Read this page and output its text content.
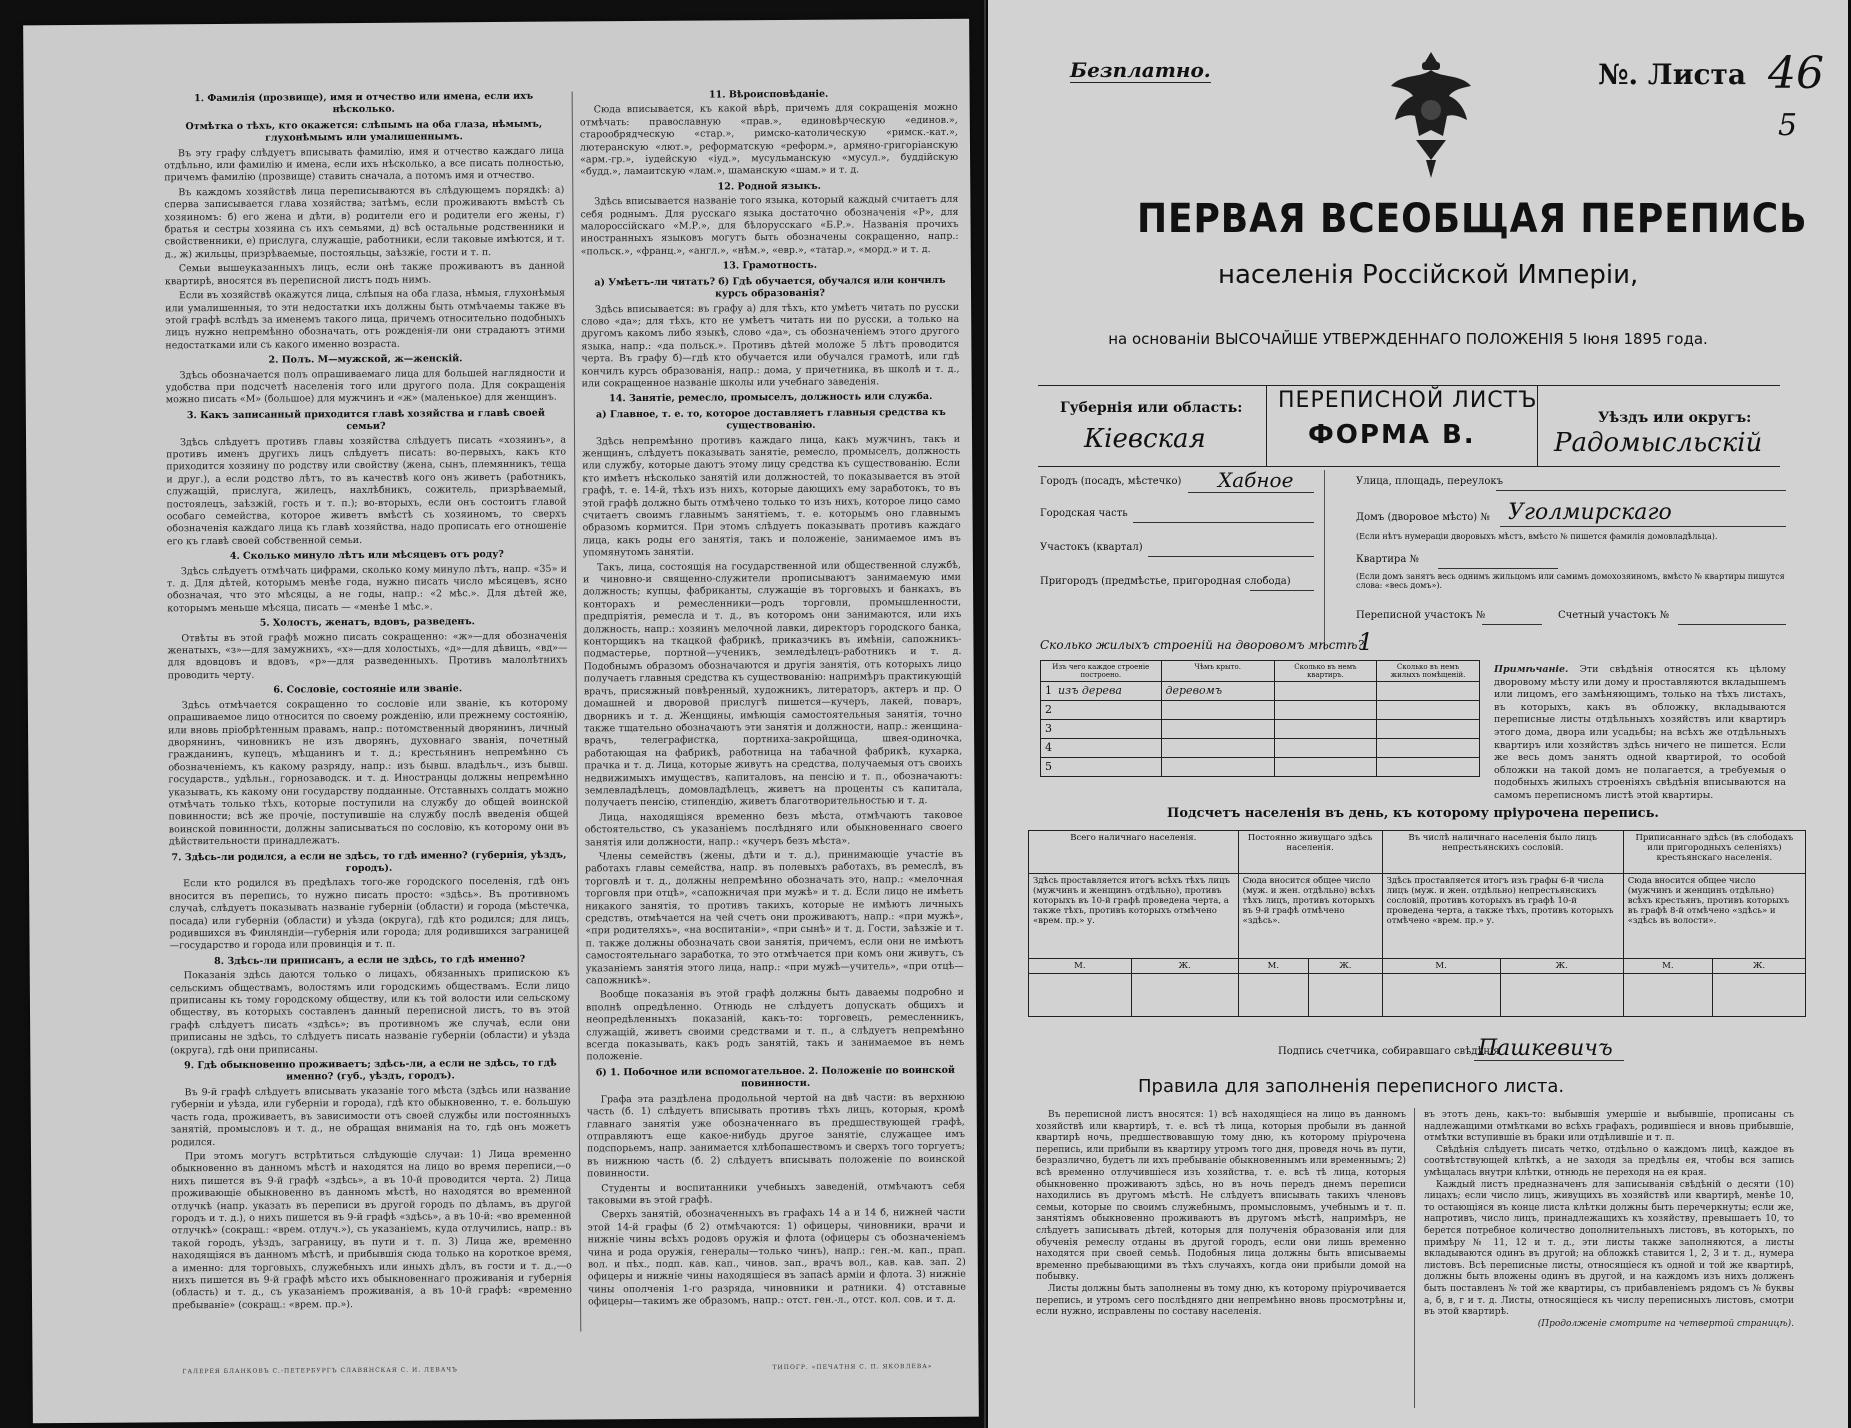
1. Фамилія (прозвище), имя и отчество или имена, если ихъ нѣсколько.
Отмѣтка о тѣхъ, кто окажется: слѣпымъ на оба глаза, нѣмымъ, глухонѣмымъ или умалишеннымъ.

Въ эту графу слѣдуетъ вписывать фамилію, имя и отчество каждаго лица отдѣльно, или фамилію и имена, если ихъ нѣсколько, а все писать полностью, причемъ фамилію (прозвище) ставить сначала, а потомъ имя и отчество.

Въ каждомъ хозяйствѣ лица переписываются въ слѣдующемъ порядкѣ: а) сперва записывается глава хозяйства; затѣмъ, если проживаютъ вмѣстѣ съ хозяиномъ: б) его жена и дѣти, в) родители его и родители его жены, г) братья и сестры хозяина съ ихъ семьями, д) всѣ остальные родственники и свойственники, е) прислуга, служащіе, работники, если таковые имѣются, и т. д., ж) жильцы, призрѣваемые, постояльцы, заѣзжіе, гости и т. п.

Семьи вышеуказанныхъ лицъ, если онѣ также проживаютъ въ данной квартирѣ, вносятся въ переписной листъ подъ нимъ.

Если въ хозяйствѣ окажутся лица, слѣпыя на оба глаза, нѣмыя, глухонѣмыя или умалишенныя, то эти недостатки ихъ должны быть отмѣчаемы также въ этой графѣ вслѣдъ за именемъ такого лица, причемъ относительно подобныхъ лицъ нужно непремѣнно обозначать, отъ рожденія-ли они страдаютъ этими недостатками или съ какого именно возраста.

2. Полъ. М—мужской, ж—женскій.

Здѣсь обозначается полъ опрашиваемаго лица для большей наглядности и удобства при подсчетѣ населенія того или другого пола. Для сокращенія можно писать «М» (большое) для мужчинъ и «ж» (маленькое) для женщинъ.

3. Какъ записанный приходится главѣ хозяйства и главѣ своей семьи?

Здѣсь слѣдуетъ противъ главы хозяйства слѣдуетъ писать «хозяинъ», а противъ именъ другихъ лицъ слѣдуетъ писать: во-первыхъ, какъ кто приходится хозяину по родству или свойству (жена, сынъ, племянникъ, теща и друг.), а если родство лѣтъ, то въ качествѣ кого онъ живетъ (работникъ, служащій, прислуга, жилецъ, нахлѣбникъ, сожитель, призрѣваемый, постоялецъ, заѣзжій, гость и т. п.); во-вторыхъ, если онъ состоитъ главой особаго семейства, которое живетъ вмѣстѣ съ хозяиномъ, то сверхъ обозначенія каждаго лица къ главѣ хозяйства, надо прописать его отношеніе его къ главѣ своей собственной семьи.

4. Сколько минуло лѣтъ или мѣсяцевъ отъ роду?

Здѣсь слѣдуетъ отмѣчать цифрами, сколько кому минуло лѣтъ, напр. «35» и т. д. Для дѣтей, которымъ менѣе года, нужно писать число мѣсяцевъ, ясно обозначая, что это мѣсяцы, а не годы, напр.: «2 мѣс.». Для дѣтей же, которымъ меньше мѣсяца, писать — «менѣе 1 мѣс.».

5. Холостъ, женатъ, вдовъ, разведенъ.

Отвѣты въ этой графѣ можно писать сокращенно: «ж»—для обозначенія женатыхъ, «з»—для замужнихъ, «х»—для холостыхъ, «д»—для дѣвицъ, «вд»—для вдовцовъ и вдовъ, «р»—для разведенныхъ. Противъ малолѣтнихъ проводить черту.

6. Сословіе, состояніе или званіе.

Здѣсь отмѣчается сокращенно то сословіе или званіе, къ которому опрашиваемое лицо относится по своему рожденію, или прежнему состоянію, или вновь пріобрѣтенным правамъ, напр.: потомственный дворянинъ, личный дворянинъ, чиновникъ не изъ дворянъ, духовнаго званія, почетный гражданинъ, купецъ, мѣщанинъ и т. д.; крестьянинъ непремѣнно съ обозначеніемъ, къ какому разряду, напр.: изъ бывш. владѣльч., изъ бывш. государств., удѣльн., горнозаводск. и т. д. Иностранцы должны непремѣнно указывать, къ какому они государству подданные. Отставныхъ солдатъ можно отмѣчать только тѣхъ, которые поступили на службу до общей воинской повинности; всѣ же прочіе, поступившіе на службу послѣ введенія общей воинской повинности, должны записываться по сословію, къ которому они въ дѣйствительности принадлежатъ.

7. Здѣсь-ли родился, а если не здѣсь, то гдѣ именно? (губернія, уѣздъ, городъ).

Если кто родился въ предѣлахъ того-же городского поселенія, гдѣ онъ вносится въ перепись, то нужно писать просто: «здѣсь». Въ противномъ случаѣ, слѣдуетъ показывать названіе губерніи (области) и города (мѣстечка, посада) или губерніи (области) и уѣзда (округа), гдѣ кто родился; для лицъ, родившихся въ Финляндіи—губернія или города; для родившихся заграницей—государство и города или провинція и т. п.

8. Здѣсь-ли приписанъ, а если не здѣсь, то гдѣ именно?

Показанія здѣсь даются только о лицахъ, обязанныхъ припискою къ сельскимъ обществамъ, волостямъ или городскимъ обществамъ. Если лицо приписаны къ тому городскому обществу, или къ той волости или сельскому обществу, въ которыхъ составленъ данный переписной листъ, то въ этой графѣ слѣдуетъ писать «здѣсь»; въ противномъ же случаѣ, если они приписаны не здѣсь, то слѣдуетъ писать названіе губерніи (области) и уѣзда (округа), гдѣ они приписаны.

9. Гдѣ обыкновенно проживаетъ; здѣсь-ли, а если не здѣсь, то гдѣ именно? (губ., уѣздъ, городъ).

Въ 9-й графѣ слѣдуетъ вписывать указаніе того мѣста (здѣсь или название губерніи и уѣзда, или губерніи и города), гдѣ кто обыкновенно, т. е. большую часть года, проживаетъ, въ зависимости отъ своей службы или постоянныхъ занятій, промысловъ и т. д., не обращая вниманія на то, гдѣ онъ можетъ родился.

При этомъ могутъ встрѣтиться слѣдующіе случаи: 1) Лица временно обыкновенно въ данномъ мѣстѣ и находятся на лицо во время переписи,—о нихъ пишется въ 9-й графѣ «здѣсь», а въ 10-й проводится черта. 2) Лица проживающіе обыкновенно въ данномъ мѣстѣ, но находятся во временной отлучкѣ (напр. указать въ переписи въ другой городъ по дѣламъ, въ другой городъ и т. д.), о нихъ пишется въ 9-й графѣ «здѣсь», а въ 10-й: «во временной отлучкѣ» (сокращ.: «врем. отлуч.»), съ указаніемъ, куда отлучились, напр.: въ такой городъ, уѣздъ, заграницу, въ пути и т. п. 3) Лица же, временно находящіяся въ данномъ мѣстѣ, и прибывшія сюда только на короткое время, а именно: для торговыхъ, служебныхъ или иныхъ дѣлъ, въ гости и т. д.,—о нихъ пишется въ 9-й графѣ мѣсто ихъ обыкновеннаго проживанія и губернія (область) и т. д., съ указаніемъ проживанія, а въ 10-й графѣ: «временно пребываніе» (сокращ.: «врем. пр.»).

11. Вѣроисповѣданіе.

Сюда вписывается, къ какой вѣрѣ, причемъ для сокращенія можно отмѣчать: православную «прав.», единовѣрческую «единов.», старообрядческую «стар.», римско-католическую «римск.-кат.», лютеранскую «лют.», реформатскую «реформ.», армяно-григоріанскую «арм.-гр.», іудейскую «іуд.», мусульманскую «мусул.», буддійскую «будд.», ламаитскую «лам.», шаманскую «шам.» и т. д.

12. Родной языкъ.

Здѣсь вписывается названіе того языка, который каждый считаетъ для себя роднымъ. Для русскаго языка достаточно обозначенія «Р», для малороссійскаго «М.Р.», для бѣлорусскаго «Б.Р.». Названія прочихъ иностранныхъ языковъ могутъ быть обозначены сокращенно, напр.: «польск.», «франц.», «англ.», «нѣм.», «евр.», «татар.», «морд.» и т. д.

13. Грамотность.
а) Умѣетъ-ли читать? б) Гдѣ обучается, обучался или кончилъ курсъ образованія?

Здѣсь вписывается: въ графу а) для тѣхъ, кто умѣетъ читать по русски слово «да»; для тѣхъ, кто не умѣетъ читать ни по русски, а только на другомъ какомъ либо языкѣ, слово «да», съ обозначеніемъ этого другого языка, напр.: «да польск.». Противъ дѣтей моложе 5 лѣтъ проводится черта. Въ графу б)—гдѣ кто обучается или обучался грамотѣ, или гдѣ кончилъ курсъ образованія, напр.: дома, у причетника, въ школѣ и т. д., или сокращенное названіе школы или учебнаго заведенія.

14. Занятіе, ремесло, промыселъ, должность или служба.
а) Главное, т. е. то, которое доставляетъ главныя средства къ существованію.

Здѣсь непремѣнно противъ каждаго лица, какъ мужчинъ, такъ и женщинъ, слѣдуетъ показывать занятіе, ремесло, промыселъ, должность или службу, которые даютъ этому лицу средства къ существованію. Если кто имѣетъ нѣсколько занятій или должностей, то показывается въ этой графѣ, т. е. 14-й, тѣхъ изъ нихъ, которые дающихъ ему заработокъ, то въ этой графѣ должно быть отмѣчено только то изъ нихъ, которое лицо само считаетъ своимъ главнымъ занятіемъ, т. е. которымъ оно главнымъ образомъ кормится. При этомъ слѣдуетъ показывать противъ каждаго лица, какъ роды его занятія, такъ и положеніе, занимаемое имъ въ упомянутомъ занятіи.

Такъ, лица, состоящія на государственной или общественной службѣ, и чиновно-и священно-служители прописываютъ занимаемую ими должность; купцы, фабриканты, служащіе въ торговыхъ и банкахъ, въ конторахъ и ремесленники—родъ торговли, промышленности, предпріятія, ремесла и т. д., въ которомъ они занимаются, или ихъ должность, напр.: хозяинъ мелочной лавки, директоръ городского банка, конторщикъ на ткацкой фабрикѣ, приказчикъ въ имѣніи, сапожникъ-подмастерье, портной—ученикъ, земледѣлецъ-работникъ и т. д. Подобнымъ образомъ обозначаются и другія занятія, отъ которыхъ лицо получаетъ главныя средства къ существованію: напримѣръ практикующій врачъ, присяжный повѣренный, художникъ, литераторъ, актеръ и пр. О домашней и дворовой прислугѣ пишется—кучеръ, лакей, поваръ, дворникъ и т. д. Женщины, имѣющія самостоятельныя занятія, точно также тщательно обозначаютъ эти занятія и должности, напр.: женщина-врачъ, телеграфистка, портниха-закройщица, швея-одиночка, работающая на фабрикѣ, работница на табачной фабрикѣ, кухарка, прачка и т. д. Лица, которые живутъ на средства, получаемыя отъ своихъ недвижимыхъ имуществъ, капиталовъ, на пенсію и т. п., обозначаютъ: землевладѣлецъ, домовладѣлецъ, живетъ на проценты съ капитала, получаетъ пенсію, стипендію, живетъ благотворительностью и т. д.

Лица, находящіяся временно безъ мѣста, отмѣчаютъ таковое обстоятельство, съ указаніемъ послѣдняго или обыкновеннаго своего занятія или должности, напр.: «кучеръ безъ мѣста».

Члены семействъ (жены, дѣти и т. д.), принимающіе участіе въ работахъ главы семейства, напр. въ полевыхъ работахъ, въ ремеслѣ, въ торговлѣ и т. д., должны непремѣнно обозначать это, напр.: «мелочная торговля при отцѣ», «сапожничая при мужѣ» и т. д. Если лицо не имѣетъ никакого занятія, то противъ такихъ, которые не имѣютъ личныхъ средствъ, отмѣчается на чей счетъ они проживаютъ, напр.: «при мужѣ», «при родителяхъ», «на воспитаніи», «при сынѣ» и т. д. Гости, заѣзжіе и т. п. также должны обозначать свои занятія, причемъ, если они не имѣютъ самостоятельнаго заработка, то это отмѣчается при комъ они живутъ, съ указаніемъ занятія этого лица, напр.: «при мужѣ—учитель», «при отцѣ—сапожникѣ».

Вообще показанія въ этой графѣ должны быть даваемы подробно и вполнѣ опредѣленно. Отнюдь не слѣдуетъ допускать общихъ и неопредѣленныхъ показаній, какъ-то: торговецъ, ремесленникъ, служащій, живетъ своими средствами и т. п., а слѣдуетъ непремѣнно всегда показывать, какъ родъ занятій, такъ и занимаемое въ немъ положеніе.

б) 1. Побочное или вспомогательное. 2. Положеніе по воинской повинности.

Графа эта раздѣлена продольной чертой на двѣ части: въ верхнюю часть (б. 1) слѣдуетъ вписывать противъ тѣхъ лицъ, которыя, кромѣ главнаго занятія уже обозначеннаго въ предшествующей графѣ, отправляютъ еще какое-нибудь другое занятіе, служащее имъ подспорьемъ, напр. занимается хлѣбопашествомъ и сверхъ того торгуетъ; въ нижнюю часть (б. 2) слѣдуетъ вписывать положеніе по воинской повинности.

Студенты и воспитанники учебныхъ заведеній, отмѣчаютъ себя таковыми въ этой графѣ.

Сверхъ занятій, обозначенныхъ въ графахъ 14 а и 14 б, нижней части этой 14-й графы (б 2) отмѣчаются: 1) офицеры, чиновники, врачи и нижніе чины всѣхъ родовъ оружія и флота (офицеры съ обозначеніемъ чина и рода оружія, генералы—только чинъ), напр.: ген.-м. кап., прап. вол. и пѣх., подп. кав. кап., чинов. зап., врачъ вол., кав. кав. зап. 2) офицеры и нижніе чины находящіеся въ запасѣ арміи и флота. 3) нижніе чины ополченія 1-го разряда, чиновники и ратники. 4) отставные офицеры—такимъ же образомъ, напр.: отст. ген.-л., отст. кол. сов. и т. д.

ГАЛЕРЕЯ БЛАНКОВЪ С.-ПЕТЕРБУРГЪ СЛАВЯНСКАЯ С. И. ЛЕВАЧЪ	ТИПОГР. «ПЕЧАТНЯ С. П. ЯКОВЛЕВА»
Безплатно.	№. Листа 46
5
ПЕРВАЯ ВСЕОБЩАЯ ПЕРЕПИСЬ
населенія Россійской Имперіи,
на основаніи ВЫСОЧАЙШЕ УТВЕРЖДЕННАГО ПОЛОЖЕНІЯ 5 Іюня 1895 года.
Губернія или область:
Кіевская
ПЕРЕПИСНОЙ ЛИСТЪ
ФОРМА В.
Уѣздъ или округъ:
Радомысльскій
Городъ (посадъ, мѣстечко) Хабное
Городская часть
Участокъ (квартал)
Пригородъ (предмѣстье, пригородная слобода)
Улица, площадь, переулокъ
Домъ (дворовое мѣсто) № Уголмирскаго
(Если нѣтъ нумераціи дворовыхъ мѣстъ, вмѣсто № пишется фамилія домовладѣльца).
Квартира №
(Если домъ занятъ весь однимъ жильцомъ или самимъ домохозяиномъ, вмѣсто № квартиры пишутся слова: «весь домъ»).
Переписной участокъ №	Счетный участокъ №
Сколько жилыхъ строеній на дворовомъ мѣстѣ?
1
Изъ чего каждое строеніе построено.	Чѣмъ крыто.	Сколько въ немъ квартиръ.	Сколько въ немъ жилыхъ помѣщеній.
1 изъ дерева	деревомъ		
2			
3			
4			
5			
Примѣчаніе. Эти свѣдѣнія относятся къ цѣлому дворовому мѣсту или дому и проставляются вкладышемъ или лицомъ, его замѣняющимъ, только на тѣхъ листахъ, въ которыхъ, какъ въ обложку, вкладываются переписные листы отдѣльныхъ хозяйствъ или квартиръ этого дома, двора или усадьбы; на всѣхъ же отдѣльныхъ квартиръ или хозяйствъ здѣсь ничего не пишется. Если же весь домъ занятъ одной квартирой, то особой обложки на такой домъ не полагается, а требуемыя о подобныхъ жилыхъ строеніяхъ свѣдѣнія вписываются на самомъ переписномъ листѣ этой квартиры.
Подсчетъ населенія въ день, къ которому пріурочена перепись.
Всего наличнаго населенія.		Постоянно живущаго здѣсь населенія.		Въ числѣ наличнаго населенія было лицъ непрестьянскихъ сословій.		Приписаннаго здѣсь (въ слободахъ или пригородныхъ селеніяхъ) крестьянскаго населенія.	
Здѣсь проставляется итогъ всѣхъ тѣхъ лицъ (мужчинъ и женщинъ отдѣльно), противъ которыхъ въ 10-й графѣ проведена черта, а также тѣхъ, противъ которыхъ отмѣчено «врем. пр.» у.		Сюда вносится общее число (муж. и жен. отдѣльно) всѣхъ тѣхъ лицъ, противъ которыхъ въ 9-й графѣ отмѣчено «здѣсь».		Здѣсь проставляется итогъ изъ графы 6-й числа лицъ (муж. и жен. отдѣльно) непрестьянскихъ сословій, противъ которыхъ въ графѣ 10-й проведена черта, а также тѣхъ, противъ которыхъ отмѣчено «врем. пр.» у.		Сюда вносится общее число (мужчинъ и женщинъ отдѣльно) всѣхъ крестьянъ, противъ которыхъ въ графѣ 8-й отмѣчено «здѣсь» и «здѣсь въ волости».	
М.	Ж.	М.	Ж.	М.	Ж.	М.	Ж.

Подпись счетчика, собиравшаго свѣдѣнія
Пашкевичъ
Правила для заполненія переписного листа.

Въ переписной листъ вносятся: 1) всѣ находящіеся на лицо въ данномъ хозяйствѣ или квартирѣ, т. е. всѣ тѣ лица, которыя пробыли въ данной квартирѣ ночь, предшествовавшую тому дню, къ которому пріурочена перепись, или прибыли въ квартиру утромъ того дня, проведя ночь въ пути, безразлично, будетъ ли ихъ пребываніе обыкновеннымъ или временнымъ; 2) всѣ временно отлучившіеся изъ хозяйства, т. е. всѣ тѣ лица, которыя обыкновенно проживаютъ здѣсь, но въ ночь передъ днемъ переписи находились въ другомъ мѣстѣ. Не слѣдуетъ вписывать такихъ членовъ семьи, которые по своимъ служебнымъ, промысловымъ, учебнымъ и т. п. занятіямъ обыкновенно проживаютъ въ другомъ мѣстѣ, напримѣръ, не слѣдуетъ записывать дѣтей, которыя для полученія образованія или для обученія ремеслу отданы въ другой городъ, если они лишь временно находятся при своей семьѣ. Подобныя лица должны быть вписываемы временно пребывающими въ тѣхъ случаяхъ, когда они прибыли домой на побывку.

Листы должны быть заполнены въ тому дню, къ которому пріурочивается перепись, и утромъ сего послѣдняго дни непремѣнно вновь просмотрѣны и, если нужно, исправлены по составу населенія.

въ этотъ день, какъ-то: выбывшія умершіе и выбывшіе, прописаны съ надлежащими отмѣтками во всѣхъ графахъ, родившіеся и вновь прибывшіе, отмѣтки вступившіе въ браки или отдѣлившіе и т. п.

Свѣдѣнія слѣдуетъ писать четко, отдѣльно о каждомъ лицѣ, каждое въ соотвѣтствующей клѣткѣ, а не заходя за предѣлы ея, чтобы вся запись умѣщалась внутри клѣтки, отнюдь не переходя на ея края.

Каждый листъ предназначенъ для записыванія свѣдѣній о десяти (10) лицахъ; если число лицъ, живущихъ въ хозяйствѣ или квартирѣ, менѣе 10, то остающіяся въ конце листа клѣтки должны быть перечеркнуты; если же, напротивъ, число лицъ, принадлежащихъ къ хозяйству, превышаетъ 10, то берется потребное количество дополнительныхъ листовъ, въ которыхъ, по примѣру № 11, 12 и т. д., эти листы также заполняются, а листы вкладываются одинъ въ другой; на обложкѣ ставится 1, 2, 3 и т. д., нумера листовъ. Всѣ переписные листы, относящіеся къ одной и той же квартирѣ, должны быть вложены одинъ въ другой, и на каждомъ изъ нихъ долженъ быть поставленъ № той же квартиры, съ прибавленіемъ рядомъ съ № буквы а, б, в, г и т. д. Листы, относящіеся къ числу переписныхъ листовъ, смотри въ этой квартирѣ.

(Продолженіе смотрите на четвертой страницѣ).
